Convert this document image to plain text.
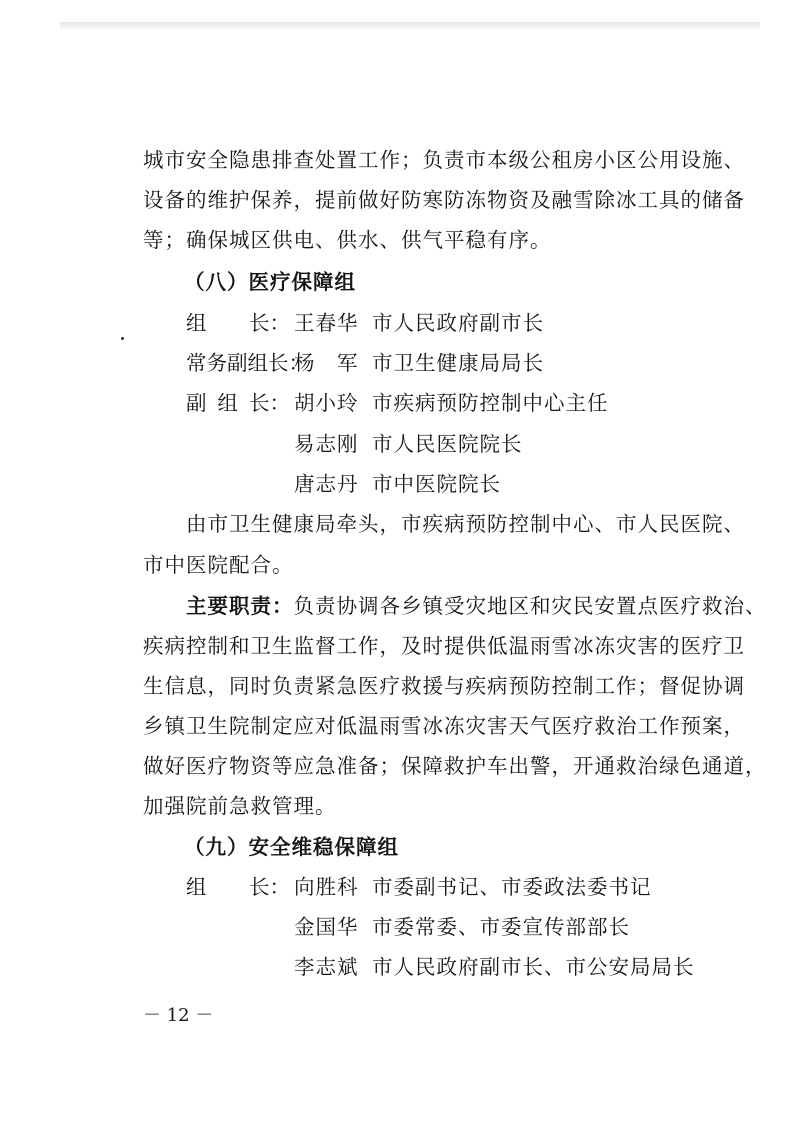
城市安全隐患排查处置工作；负责市本级公租房小区公用设施、
设备的维护保养，提前做好防寒防冻物资及融雪除冰工具的储备
等；确保城区供电、供水、供气平稳有序。
（八）医疗保障组
组 长： 王春华 市人民政府副市长
常务副组长：
杨　军 市卫生健康局局长
副 组 长： 胡小玲 市疾病预防控制中心主任
易志刚 市人民医院院长
唐志丹 市中医院院长
由市卫生健康局牵头，市疾病预防控制中心、市人民医院、
市中医院配合。
主要职责：负责协调各乡镇受灾地区和灾民安置点医疗救治、
疾病控制和卫生监督工作，及时提供低温雨雪冰冻灾害的医疗卫
生信息，同时负责紧急医疗救援与疾病预防控制工作；督促协调
乡镇卫生院制定应对低温雨雪冰冻灾害天气医疗救治工作预案，
做好医疗物资等应急准备；保障救护车出警，开通救治绿色通道，
加强院前急救管理。
（九）安全维稳保障组
组 长： 向胜科 市委副书记、市委政法委书记
金国华 市委常委、市委宣传部部长
李志斌 市人民政府副市长、市公安局局长
－ 12 －
